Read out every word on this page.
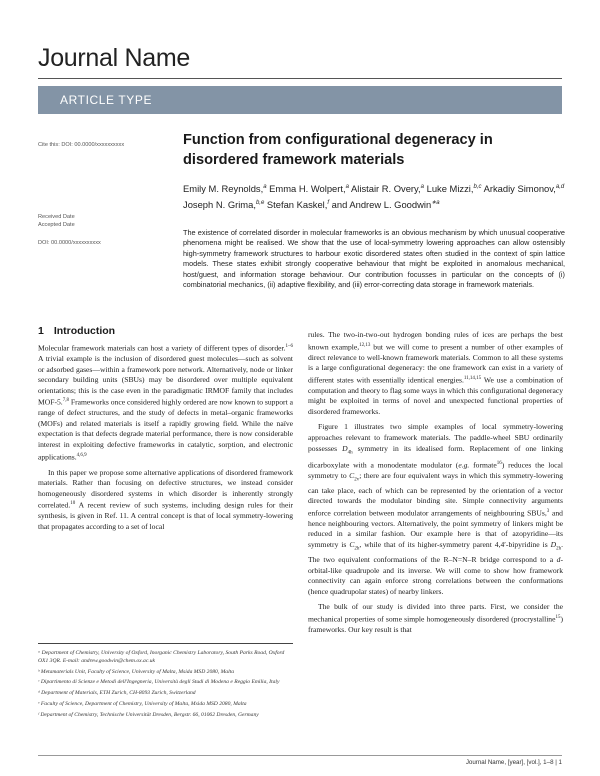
Journal Name
ARTICLE TYPE
Cite this: DOI: 00.0000/xxxxxxxxxx
Received Date
Accepted Date
DOI: 00.0000/xxxxxxxxxx
Function from configurational degeneracy in disordered framework materials
Emily M. Reynolds,$^a$ Emma H. Wolpert,$^a$ Alistair R. Overy,$^a$ Luke Mizzi,$^{b,c}$ Arkadiy Simonov,$^{a,d}$ Joseph N. Grima,$^{b,e}$ Stefan Kaskel,$^f$ and Andrew L. Goodwin$^{∗a}$
The existence of correlated disorder in molecular frameworks is an obvious mechanism by which unusual cooperative phenomena might be realised. We show that the use of local-symmetry lowering approaches can allow ostensibly high-symmetry framework structures to harbour exotic disordered states often studied in the context of spin lattice models. These states exhibit strongly cooperative behaviour that might be exploited in anomalous mechanical, host/guest, and information storage behaviour. Our contribution focusses in particular on the concepts of (i) combinatorial mechanics, (ii) adaptive flexibility, and (iii) error-correcting data storage in framework materials.
1 Introduction

Molecular framework materials can host a variety of different types of disorder.$^{1-6}$ A trivial example is the inclusion of disordered guest molecules—such as solvent or adsorbed gases—within a framework pore network. Alternatively, node or linker secondary building units (SBUs) may be disordered over multiple equivalent orientations; this is the case even in the paradigmatic IRMOF family that includes MOF-5.$^{7,8}$ Frameworks once considered highly ordered are now known to support a range of defect structures, and the study of defects in metal–organic frameworks (MOFs) and related materials is itself a rapidly growing field. While the naïve expectation is that defects degrade material performance, there is now considerable interest in exploiting defective frameworks in catalytic, sorption, and electronic applications.$^{4,6,9}$

In this paper we propose some alternative applications of disordered framework materials. Rather than focusing on defective structures, we instead consider homogeneously disordered systems in which disorder is inherently strongly correlated.$^{10}$ A recent review of such systems, including design rules for their synthesis, is given in Ref. 11. A central concept is that of local symmetry-lowering that propagates according to a set of local

ᵃ Department of Chemistry, University of Oxford, Inorganic Chemistry Laboratory, South Parks Road, Oxford OX1 3QR. E-mail: andrew.goodwin@chem.ox.ac.uk
ᵇ Metamaterials Unit, Faculty of Science, University of Malta, Msida MSD 2080, Malta
ᶜ Dipartimento di Scienze e Metodi dell'Ingegneria, Università degli Studi di Modena e Reggio Emilia, Italy
ᵈ Department of Materials, ETH Zurich, CH-8093 Zurich, Switzerland
ᵉ Faculty of Science, Department of Chemistry, University of Malta, Msida MSD 2080, Malta
ᶠ Department of Chemistry, Technische Universität Dresden, Bergstr. 66, 01062 Dresden, Germany

rules. The two-in-two-out hydrogen bonding rules of ices are perhaps the best known example,$^{12,13}$ but we will come to present a number of other examples of direct relevance to well-known framework materials. Common to all these systems is a large configurational degeneracy: the one framework can exist in a variety of different states with essentially identical energies.$^{11,14,15}$ We use a combination of computation and theory to flag some ways in which this configurational degeneracy might be exploited in terms of novel and unexpected functional properties of disordered frameworks.

Figure 1 illustrates two simple examples of local symmetry-lowering approaches relevant to framework materials. The paddle-wheel SBU ordinarily possesses $D_{4h}$ symmetry in its idealised form. Replacement of one linking dicarboxylate with a monodentate modulator (e.g. formate$^{16}$) reduces the local symmetry to $C_{2v}$; there are four equivalent ways in which this symmetry-lowering can take place, each of which can be represented by the orientation of a vector directed towards the modulator binding site. Simple connectivity arguments enforce correlation between modulator arrangements of neighbouring SBUs,$^3$ and hence neighbouring vectors. Alternatively, the point symmetry of linkers might be reduced in a similar fashion. Our example here is that of azopyridine—its symmetry is $C_{2h}$, while that of its higher-symmetry parent 4,4′-bipyridine is $D_{2h}$. The two equivalent conformations of the R–N=N–R bridge correspond to a d-orbital-like quadrupole and its inverse. We will come to show how framework connectivity can again enforce strong correlations between the conformations (hence quadrupolar states) of nearby linkers.

The bulk of our study is divided into three parts. First, we consider the mechanical properties of some simple homogeneously disordered (procrystalline$^{15}$) frameworks. Our key result is that

Journal Name, [year], [vol.], 1–8 | 1
